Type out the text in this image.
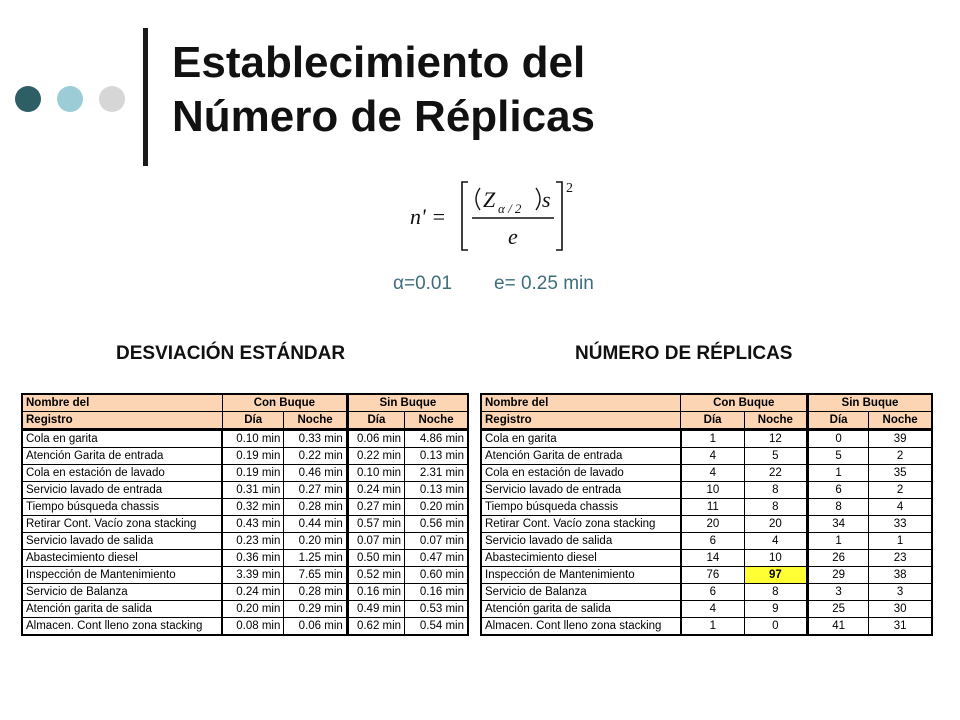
Establecimiento del
Número de Réplicas
n' =
Z α / 2 s
e
2
α=0.01 e= 0.25 min
DESVIACIÓN ESTÁNDAR	NÚMERO DE RÉPLICAS
Nombre del	Con Buque		Sin Buque	
Registro	Día	Noche	Día	Noche
Cola en garita	0.10 min	0.33 min	0.06 min	4.86 min
Atención Garita de entrada	0.19 min	0.22 min	0.22 min	0.13 min
Cola en estación de lavado	0.19 min	0.46 min	0.10 min	2.31 min
Servicio lavado de entrada	0.31 min	0.27 min	0.24 min	0.13 min
Tiempo búsqueda chassis	0.32 min	0.28 min	0.27 min	0.20 min
Retirar Cont. Vacío zona stacking	0.43 min	0.44 min	0.57 min	0.56 min
Servicio lavado de salida	0.23 min	0.20 min	0.07 min	0.07 min
Abastecimiento diesel	0.36 min	1.25 min	0.50 min	0.47 min
Inspección de Mantenimiento	3.39 min	7.65 min	0.52 min	0.60 min
Servicio de Balanza	0.24 min	0.28 min	0.16 min	0.16 min
Atención garita de salida	0.20 min	0.29 min	0.49 min	0.53 min
Almacen. Cont lleno zona stacking	0.08 min	0.06 min	0.62 min	0.54 min
Nombre del	Con Buque		Sin Buque	
Registro	Día	Noche	Día	Noche
Cola en garita	1	12	0	39
Atención Garita de entrada	4	5	5	2
Cola en estación de lavado	4	22	1	35
Servicio lavado de entrada	10	8	6	2
Tiempo búsqueda chassis	11	8	8	4
Retirar Cont. Vacío zona stacking	20	20	34	33
Servicio lavado de salida	6	4	1	1
Abastecimiento diesel	14	10	26	23
Inspección de Mantenimiento	76	97	29	38
Servicio de Balanza	6	8	3	3
Atención garita de salida	4	9	25	30
Almacen. Cont lleno zona stacking	1	0	41	31
